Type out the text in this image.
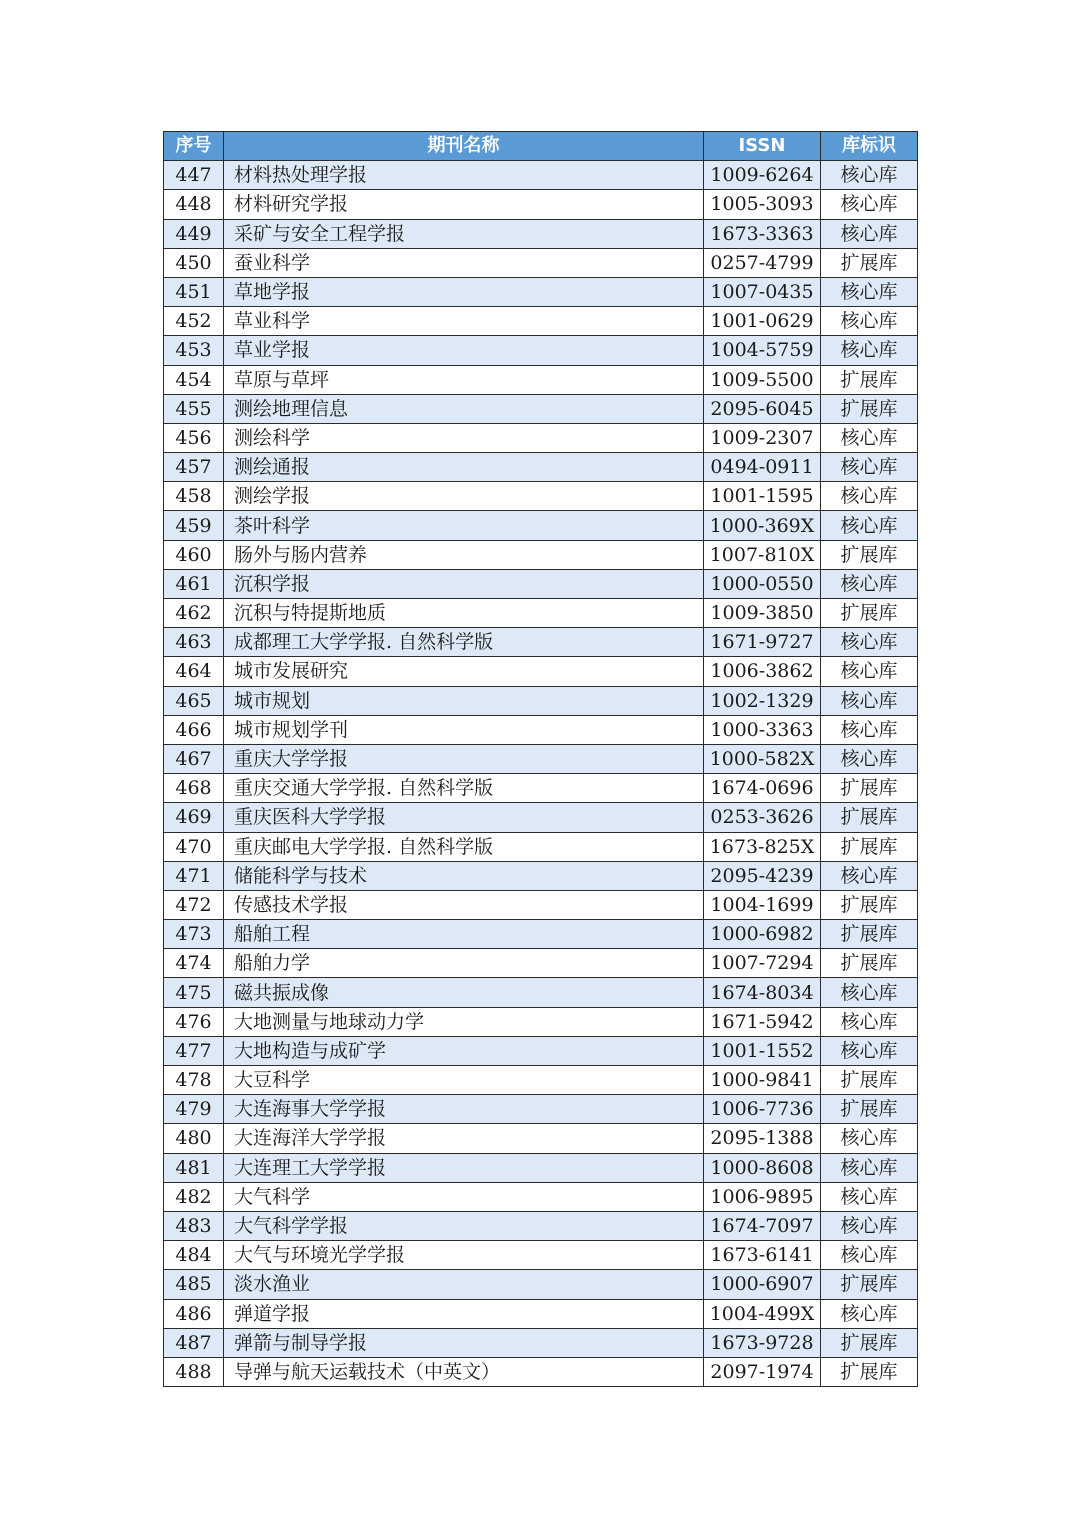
序号	期刊名称	ISSN	库标识
447	材料热处理学报	1009-6264	核心库
448	材料研究学报	1005-3093	核心库
449	采矿与安全工程学报	1673-3363	核心库
450	蚕业科学	0257-4799	扩展库
451	草地学报	1007-0435	核心库
452	草业科学	1001-0629	核心库
453	草业学报	1004-5759	核心库
454	草原与草坪	1009-5500	扩展库
455	测绘地理信息	2095-6045	扩展库
456	测绘科学	1009-2307	核心库
457	测绘通报	0494-0911	核心库
458	测绘学报	1001-1595	核心库
459	茶叶科学	1000-369X	核心库
460	肠外与肠内营养	1007-810X	扩展库
461	沉积学报	1000-0550	核心库
462	沉积与特提斯地质	1009-3850	扩展库
463	成都理工大学学报. 自然科学版	1671-9727	核心库
464	城市发展研究	1006-3862	核心库
465	城市规划	1002-1329	核心库
466	城市规划学刊	1000-3363	核心库
467	重庆大学学报	1000-582X	核心库
468	重庆交通大学学报. 自然科学版	1674-0696	扩展库
469	重庆医科大学学报	0253-3626	扩展库
470	重庆邮电大学学报. 自然科学版	1673-825X	扩展库
471	储能科学与技术	2095-4239	核心库
472	传感技术学报	1004-1699	扩展库
473	船舶工程	1000-6982	扩展库
474	船舶力学	1007-7294	扩展库
475	磁共振成像	1674-8034	核心库
476	大地测量与地球动力学	1671-5942	核心库
477	大地构造与成矿学	1001-1552	核心库
478	大豆科学	1000-9841	扩展库
479	大连海事大学学报	1006-7736	扩展库
480	大连海洋大学学报	2095-1388	核心库
481	大连理工大学学报	1000-8608	核心库
482	大气科学	1006-9895	核心库
483	大气科学学报	1674-7097	核心库
484	大气与环境光学学报	1673-6141	核心库
485	淡水渔业	1000-6907	扩展库
486	弹道学报	1004-499X	核心库
487	弹箭与制导学报	1673-9728	扩展库
488	导弹与航天运载技术（中英文）	2097-1974	扩展库
